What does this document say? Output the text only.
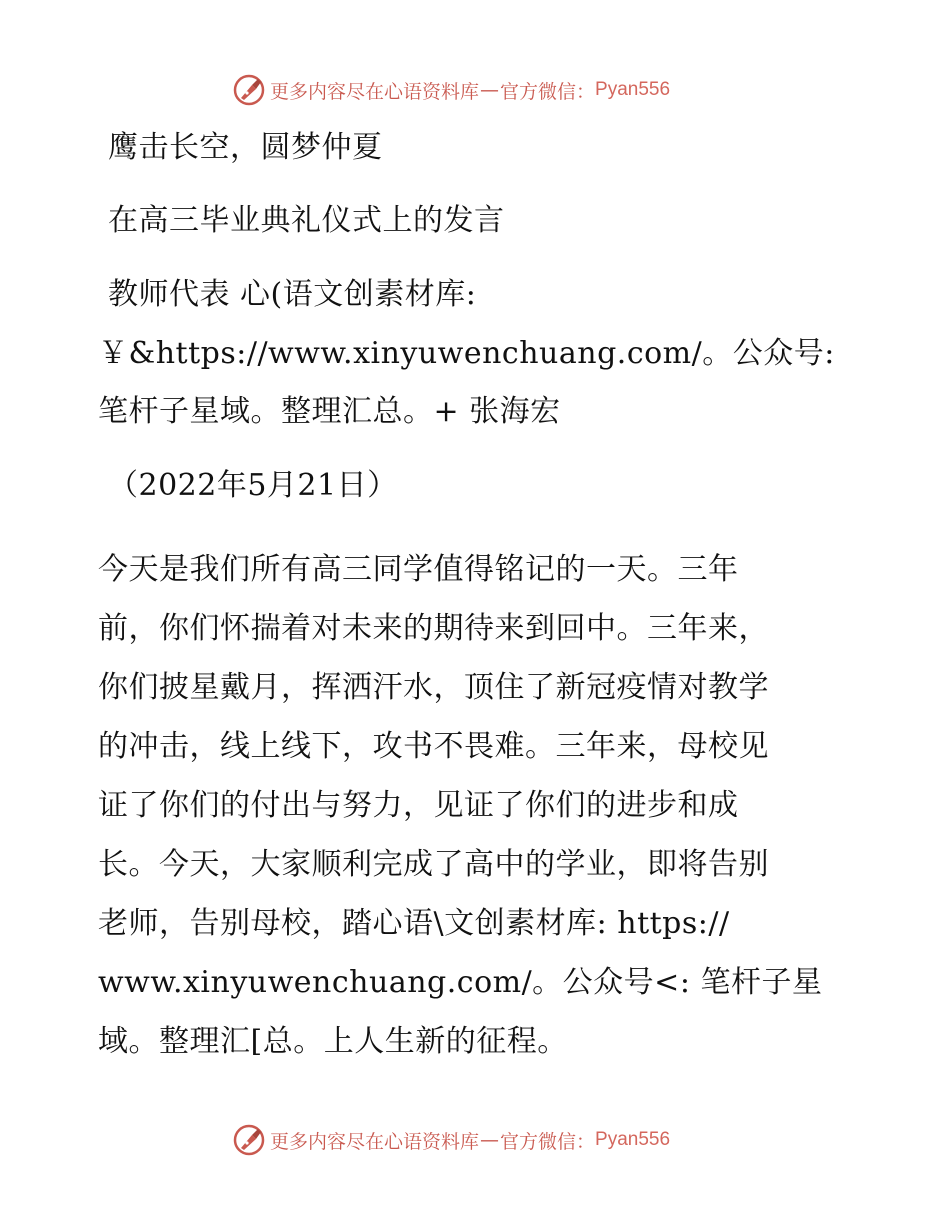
更多内容尽在心语资料库 — 官方微信： Pyan556
鹰击长空，圆梦仲夏
在高三毕业典礼仪式上的发言
教师代表 心(语文创素材库:
￥&https://www.xinyuwenchuang.com/。公众号:
笔杆子星域。整理汇总。+ 张海宏
（2022年5月21日）
今天是我们所有高三同学值得铭记的一天。三年
前，你们怀揣着对未来的期待来到回中。三年来，
你们披星戴月，挥洒汗水，顶住了新冠疫情对教学
的冲击，线上线下，攻书不畏难。三年来，母校见
证了你们的付出与努力，见证了你们的进步和成
长。今天，大家顺利完成了高中的学业，即将告别
老师，告别母校，踏心语\文创素材库: https://
www.xinyuwenchuang.com/。公众号<: 笔杆子星
域。整理汇[总。上人生新的征程。
更多内容尽在心语资料库 — 官方微信： Pyan556
